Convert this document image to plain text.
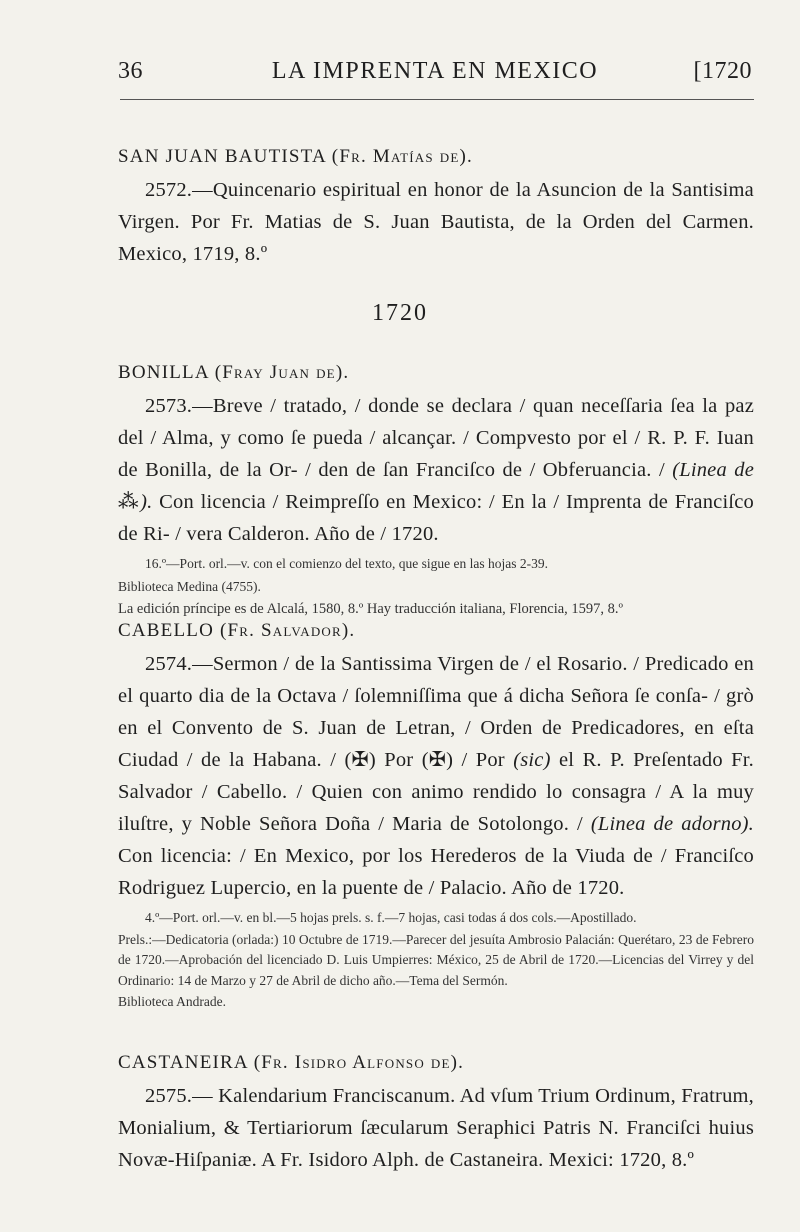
36	LA IMPRENTA EN MEXICO	[1720
SAN JUAN BAUTISTA (Fr. Matías de).
2572.—Quincenario espiritual en honor de la Asuncion de la Santisima Virgen. Por Fr. Matias de S. Juan Bautista, de la Orden del Carmen. Mexico, 1719, 8.º
1720
BONILLA (Fray Juan de).
2573.—Breve / tratado, / donde se declara / quan neceſſaria ſea la paz del / Alma, y como ſe pueda / alcançar. / Compvesto por el / R. P. F. Iuan de Bonilla, de la Or- / den de ſan Franciſco de / Obferuancia. / (Linea de ⁂). Con licencia / Reimpreſſo en Mexico: / En la / Imprenta de Franciſco de Ri- / vera Calderon. Año de / 1720.
16.º—Port. orl.—v. con el comienzo del texto, que sigue en las hojas 2-39.
Biblioteca Medina (4755).
La edición príncipe es de Alcalá, 1580, 8.º Hay traducción italiana, Florencia, 1597, 8.º
CABELLO (Fr. Salvador).
2574.—Sermon / de la Santissima Virgen de / el Rosario. / Predicado en el quarto dia de la Octava / ſolemniſſima que á dicha Señora ſe conſa- / grò en el Convento de S. Juan de Letran, / Orden de Predicadores, en eſta Ciudad / de la Habana. / (✠) Por (✠) / Por (sic) el R. P. Preſentado Fr. Salvador / Cabello. / Quien con animo rendido lo consagra / A la muy iluſtre, y Noble Señora Doña / Maria de Sotolongo. / (Linea de adorno). Con licencia: / En Mexico, por los Herederos de la Viuda de / Franciſco Rodriguez Lupercio, en la puente de / Palacio. Año de 1720.
4.º—Port. orl.—v. en bl.—5 hojas prels. s. f.—7 hojas, casi todas á dos cols.—Apostillado.
Prels.:—Dedicatoria (orlada:) 10 Octubre de 1719.—Parecer del jesuíta Ambrosio Palacián: Querétaro, 23 de Febrero de 1720.—Aprobación del licenciado D. Luis Umpierres: México, 25 de Abril de 1720.—Licencias del Virrey y del Ordinario: 14 de Marzo y 27 de Abril de dicho año.—Tema del Sermón.
Biblioteca Andrade.
CASTANEIRA (Fr. Isidro Alfonso de).
2575.— Kalendarium Franciscanum. Ad vſum Trium Ordinum, Fratrum, Monialium, & Tertiariorum ſæcularum Seraphici Patris N. Franciſci huius Novæ-Hiſpaniæ. A Fr. Isidoro Alph. de Castaneira. Mexici: 1720, 8.º
